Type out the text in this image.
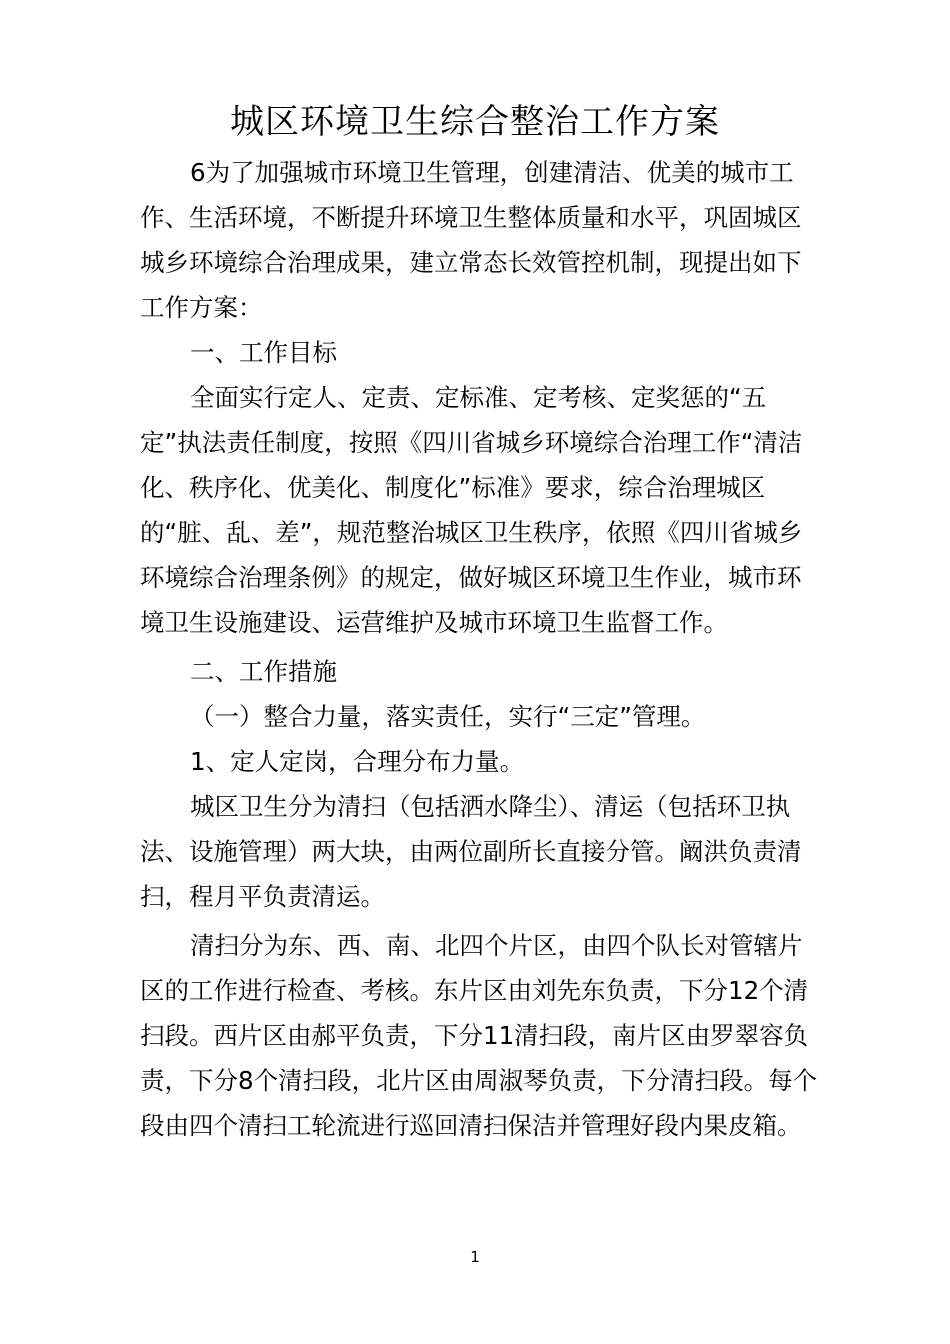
城区环境卫生综合整治工作方案

6为了加强城市环境卫生管理，创建清洁、优美的城市工作、生活环境，不断提升环境卫生整体质量和水平，巩固城区城乡环境综合治理成果，建立常态长效管控机制，现提出如下工作方案：

一、工作目标

全面实行定人、定责、定标准、定考核、定奖惩的“五定”执法责任制度，按照《四川省城乡环境综合治理工作“清洁化、秩序化、优美化、制度化”标准》要求，综合治理城区的“脏、乱、差”，规范整治城区卫生秩序，依照《四川省城乡环境综合治理条例》的规定，做好城区环境卫生作业，城市环境卫生设施建设、运营维护及城市环境卫生监督工作。

二、工作措施

（一）整合力量，落实责任，实行“三定”管理。

1、定人定岗，合理分布力量。

城区卫生分为清扫（包括洒水降尘）、清运（包括环卫执法、设施管理）两大块，由两位副所长直接分管。阚洪负责清扫，程月平负责清运。

清扫分为东、西、南、北四个片区，由四个队长对管辖片区的工作进行检查、考核。东片区由刘先东负责，下分12个清扫段。西片区由郝平负责，下分11清扫段，南片区由罗翠容负责，下分8个清扫段，北片区由周淑琴负责，下分清扫段。每个段由四个清扫工轮流进行巡回清扫保洁并管理好段内果皮箱。

1
